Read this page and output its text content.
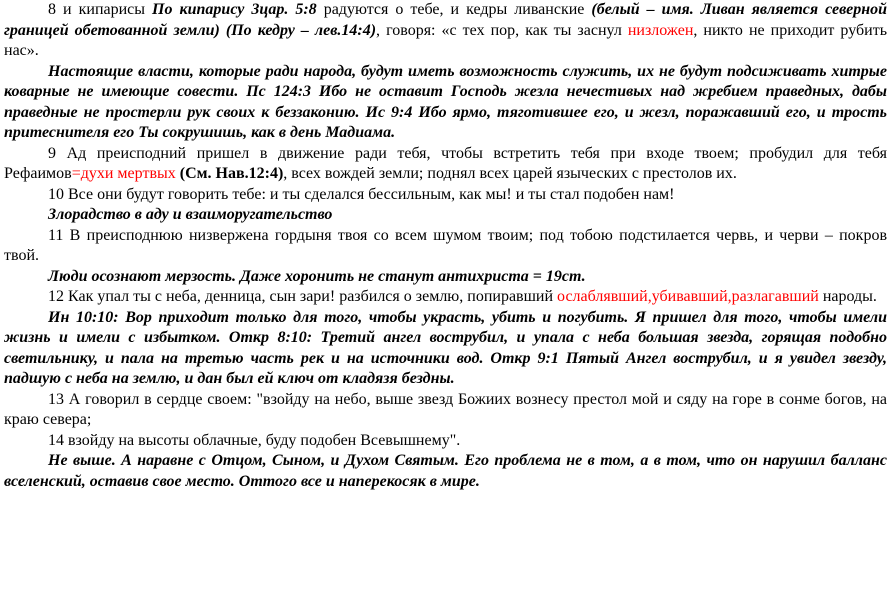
8 и кипарисы По кипарису 3цар. 5:8 радуются о тебе, и кедры ливанские (белый – имя. Ливан является северной границей обетованной земли) (По кедру – лев.14:4), говоря: «с тех пор, как ты заснул низложен, никто не приходит рубить нас».

Настоящие власти, которые ради народа, будут иметь возможность служить, их не будут подсиживать хитрые коварные не имеющие совести. Пс 124:3 Ибо не оставит Господь жезла нечестивых над жребием праведных, дабы праведные не простерли рук своих к беззаконию. Ис 9:4 Ибо ярмо, тяготившее его, и жезл, поражавший его, и трость притеснителя его Ты сокрушишь, как в день Мадиама.

9 Ад преисподний пришел в движение ради тебя, чтобы встретить тебя при входе твоем; пробудил для тебя Рефаимов=духи мертвых (См. Нав.12:4), всех вождей земли; поднял всех царей языческих с престолов их.

10 Все они будут говорить тебе: и ты сделался бессильным, как мы! и ты стал подобен нам!

Злорадство в аду и взаиморугательство

11 В преисподнюю низвержена гордыня твоя со всем шумом твоим; под тобою подстилается червь, и черви – покров твой.

Люди осознают мерзость. Даже хоронить не станут антихриста = 19ст.

12 Как упал ты с неба, денница, сын зари! разбился о землю, попиравший ослаблявший,убивавший,разлагавший народы.

Ин 10:10: Вор приходит только для того, чтобы украсть, убить и погубить. Я пришел для того, чтобы имели жизнь и имели с избытком. Откр 8:10: Третий ангел вострубил, и упала с неба большая звезда, горящая подобно светильнику, и пала на третью часть рек и на источники вод. Откр 9:1 Пятый Ангел вострубил, и я увидел звезду, падшую с неба на землю, и дан был ей ключ от кладязя бездны.

13 А говорил в сердце своем: "взойду на небо, выше звезд Божиих вознесу престол мой и сяду на горе в сонме богов, на краю севера;

14 взойду на высоты облачные, буду подобен Всевышнему".

Не выше. А наравне с Отцом, Сыном, и Духом Святым. Его проблема не в том, а в том, что он нарушил балланс вселенский, оставив свое место. Оттого все и наперекосяк в мире.
